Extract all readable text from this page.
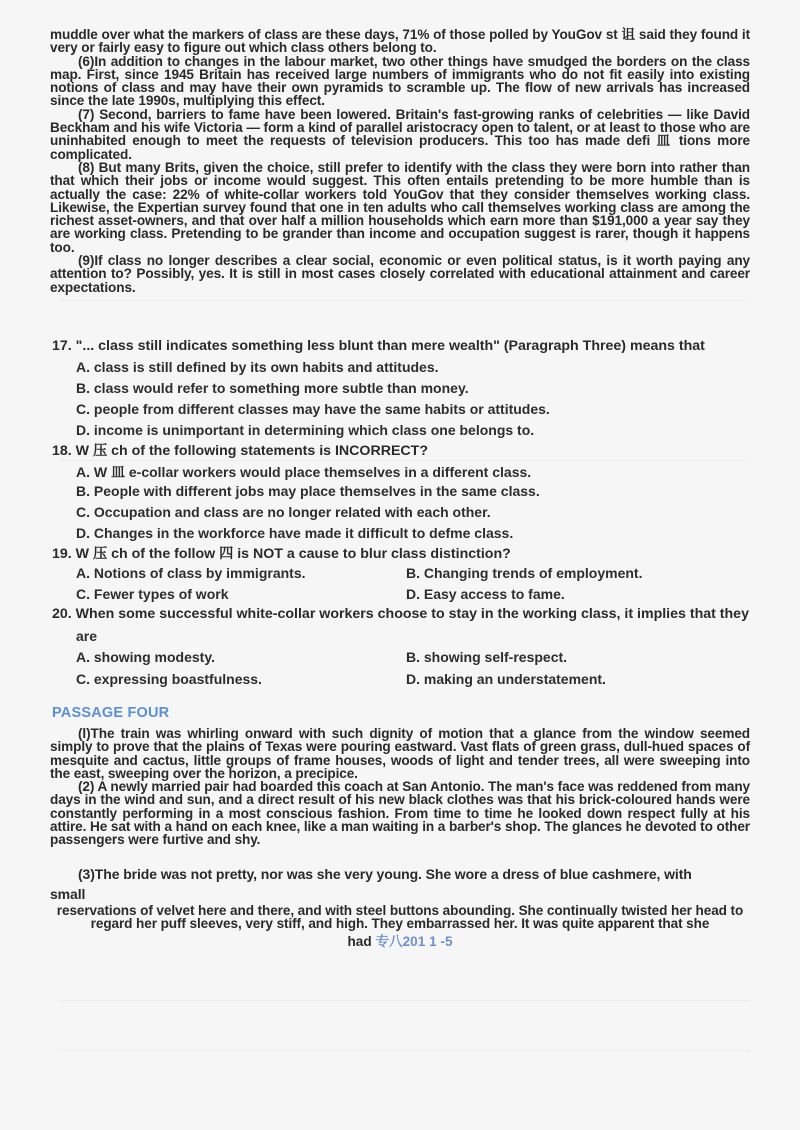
muddle over what the markers of class are these days, 71% of those polled by YouGov st 诅 said they found it very or fairly easy to figure out which class others belong to.

(6)In addition to changes in the labour market, two other things have smudged the borders on the class map. First, since 1945 Britain has received large numbers of immigrants who do not fit easily into existing notions of class and may have their own pyramids to scramble up. The flow of new arrivals has increased since the late 1990s, multiplying this effect.

(7) Second, barriers to fame have been lowered. Britain's fast-growing ranks of celebrities — like David Beckham and his wife Victoria — form a kind of parallel aristocracy open to talent, or at least to those who are uninhabited enough to meet the requests of television producers. This too has made defi 皿 tions more complicated.

(8) But many Brits, given the choice, still prefer to identify with the class they were born into rather than that which their jobs or income would suggest. This often entails pretending to be more humble than is actually the case: 22% of white-collar workers told YouGov that they consider themselves working class. Likewise, the Expertian survey found that one in ten adults who call themselves working class are among the richest asset-owners, and that over half a million households which earn more than $191,000 a year say they are working class. Pretending to be grander than income and occupation suggest is rarer, though it happens too.

(9)If class no longer describes a clear social, economic or even political status, is it worth paying any attention to? Possibly, yes. It is still in most cases closely correlated with educational attainment and career expectations.

17. "... class still indicates something less blunt than mere wealth" (Paragraph Three) means that
A. class is still defined by its own habits and attitudes.
B. class would refer to something more subtle than money.
C. people from different classes may have the same habits or attitudes.
D. income is unimportant in determining which class one belongs to.
18. W 压 ch of the following statements is INCORRECT?
A. W 皿 e-collar workers would place themselves in a different class.
B. People with different jobs may place themselves in the same class.
C. Occupation and class are no longer related with each other.
D. Changes in the workforce have made it difficult to defme class.
19. W 压 ch of the follow 四 is NOT a cause to blur class distinction?
A. Notions of class by immigrants.	B. Changing trends of employment.
C. Fewer types of work	D. Easy access to fame.
20. When some successful white-collar workers choose to stay in the working class, it implies that they
are
A. showing modesty.	B. showing self-respect.
C. expressing boastfulness.	D. making an understatement.
PASSAGE FOUR

(l)The train was whirling onward with such dignity of motion that a glance from the window seemed simply to prove that the plains of Texas were pouring eastward. Vast flats of green grass, dull-hued spaces of mesquite and cactus, little groups of frame houses, woods of light and tender trees, all were sweeping into the east, sweeping over the horizon, a precipice.

(2) A newly married pair had boarded this coach at San Antonio. The man's face was reddened from many days in the wind and sun, and a direct result of his new black clothes was that his brick-coloured hands were constantly performing in a most conscious fashion. From time to time he looked down respect fully at his attire. He sat with a hand on each knee, like a man waiting in a barber's shop. The glances he devoted to other passengers were furtive and shy.

(3)The bride was not pretty, nor was she very young. She wore a dress of blue cashmere, with

small

reservations of velvet here and there, and with steel buttons abounding. She continually twisted her head to regard her puff sleeves, very stiff, and high. They embarrassed her. It was quite apparent that she
had 专八201 1 -5
